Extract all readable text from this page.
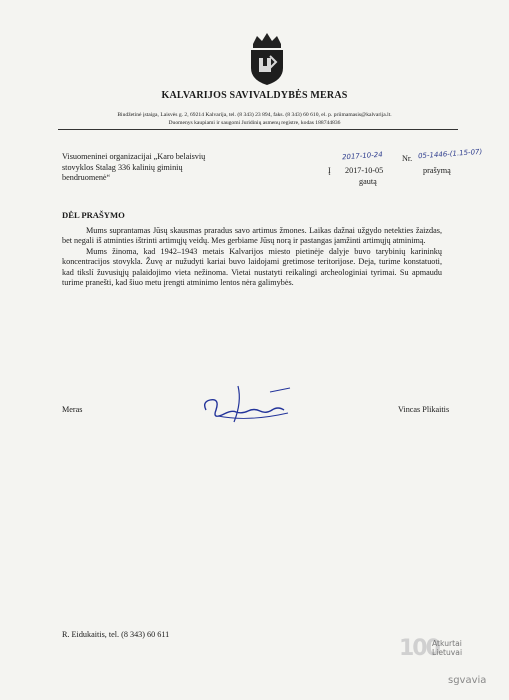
KALVARIJOS SAVIVALDYBĖS MERAS
Biudžetinė įstaiga, Laisvės g. 2, 69214 Kalvarija, tel. (8 343) 23 894, faks. (8 343) 60 610, el. p. priimamasis@kalvarija.lt.
Duomenys kaupiami ir saugomi Juridinių asmenų registre, kodas 188744836
Visuomeninei organizacijai „Karo belaisvių
stovyklos Stalag 336 kalinių giminių
bendruomenė“
2017-10-24 Nr. 05-1446-(1.15-07)
Į 2017-10-05	prašymą
gautą
DĖL PRAŠYMO

Mums suprantamas Jūsų skausmas praradus savo artimus žmones. Laikas dažnai užgydo netekties žaizdas, bet negali iš atminties ištrinti artimųjų veidų. Mes gerbiame Jūsų norą ir pastangas įamžinti artimųjų atminimą.

Mums žinoma, kad 1942–1943 metais Kalvarijos miesto pietinėje dalyje buvo tarybinių karininkų koncentracijos stovykla. Žuvę ar nužudyti kariai buvo laidojami gretimose teritorijose. Deja, turime konstatuoti, kad tikslí žuvusiųjų palaidojimo vieta nežinoma. Vietai nustatyti reikalingi archeologiniai tyrimai. Su apmaudu turime pranešti, kad šiuo metu įrengti atminimo lentos nėra galimybės.

Meras	Vincas Plikaitis
R. Eidukaitis, tel. (8 343) 60 611
100
Atkurtai
Lietuvai
sgvavia
